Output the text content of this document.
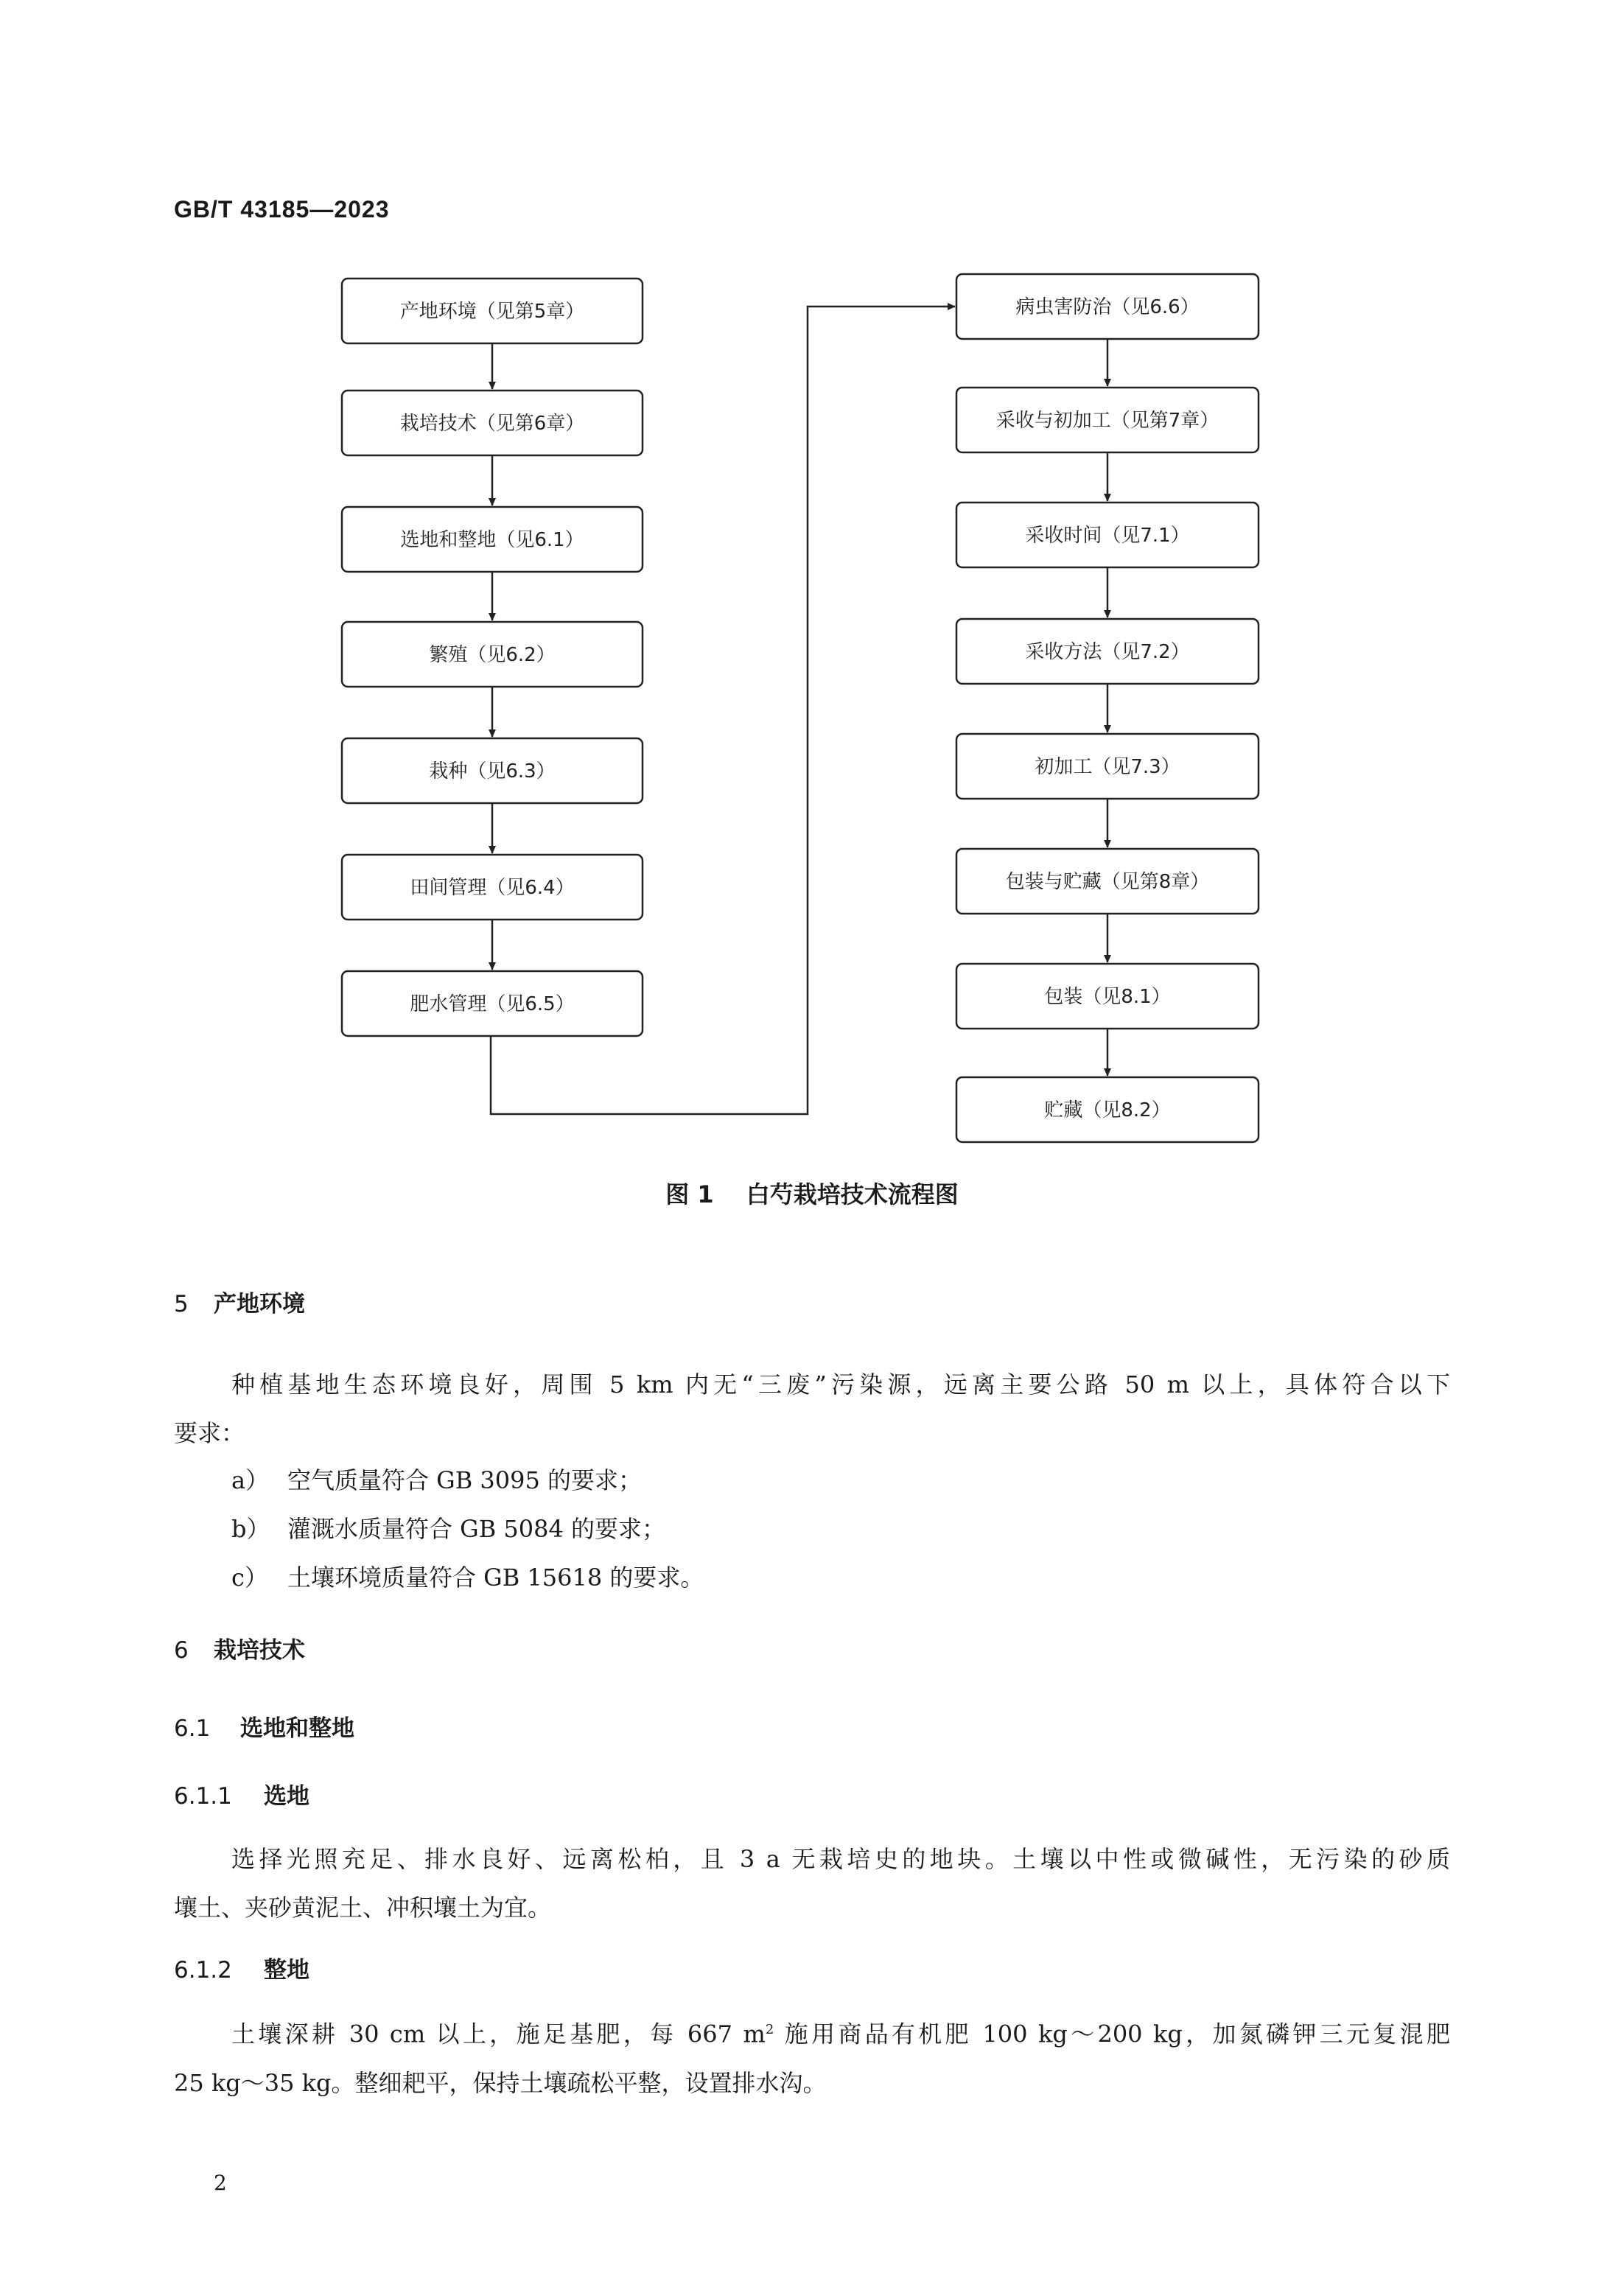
GB/T 43185—2023
产地环境（见第5章）
栽培技术（见第6章）
选地和整地（见6.1）
繁殖（见6.2）
栽种（见6.3）
田间管理（见6.4）
肥水管理（见6.5）
病虫害防治（见6.6）
采收与初加工（见第7章）
采收时间（见7.1）
采收方法（见7.2）
初加工（见7.3）
包装与贮藏（见第8章）
包装（见8.1）
贮藏（见8.2）
图 1 白芍栽培技术流程图
5 产地环境
种植基地生态环境良好，周围 5 km 内无“三废”污染源，远离主要公路 50 m 以上，具体符合以下
要求：
a） 空气质量符合 GB 3095 的要求；
b） 灌溉水质量符合 GB 5084 的要求；
c） 土壤环境质量符合 GB 15618 的要求。
6 栽培技术
6.1 选地和整地
6.1.1 选地
选择光照充足、排水良好、远离松柏，且 3 a 无栽培史的地块。土壤以中性或微碱性，无污染的砂质
壤土、夹砂黄泥土、冲积壤土为宜。
6.1.2 整地
土壤深耕 30 cm 以上，施足基肥，每 667 $m^2$ 施用商品有机肥 100 kg～200 kg，加氮磷钾三元复混肥
25 kg～35 kg。整细耙平，保持土壤疏松平整，设置排水沟。
2
